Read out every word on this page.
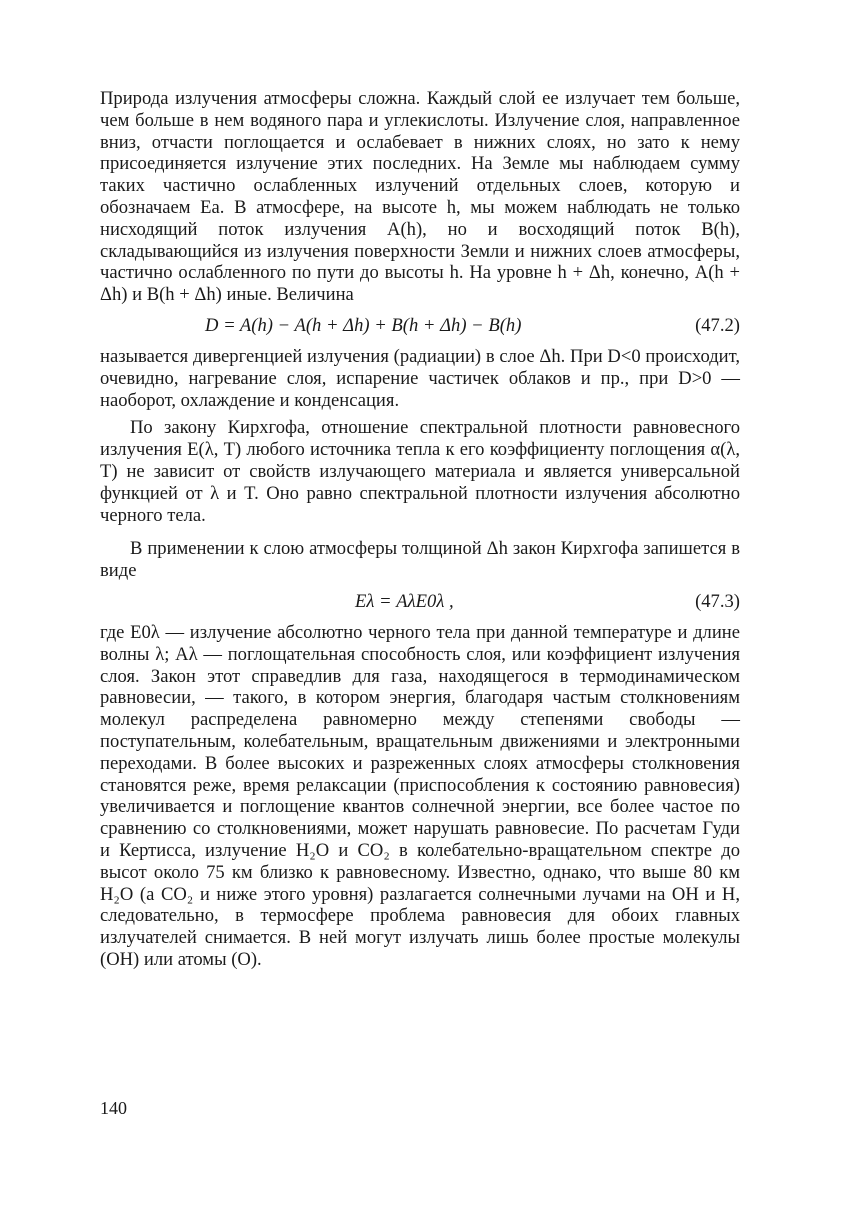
Природа излучения атмосферы сложна. Каждый слой ее излучает тем больше, чем больше в нем водяного пара и углекислоты. Излучение слоя, направленное вниз, отчасти поглощается и ослабевает в нижних слоях, но зато к нему присоединяется излучение этих последних. На Земле мы наблюдаем сумму таких частично ослабленных излучений отдельных слоев, которую и обозначаем Eа. В атмосфере, на высоте h, мы можем наблюдать не только нисходящий поток излучения A(h), но и восходящий поток B(h), складывающийся из излучения поверхности Земли и нижних слоев атмосферы, частично ослабленного по пути до высоты h. На уровне h + Δh, конечно, A(h + Δh) и B(h + Δh) иные. Величина

D = A(h) − A(h + Δh) + B(h + Δh) − B(h)	(47.2)

называется дивергенцией излучения (радиации) в слое Δh. При D<0 происходит, очевидно, нагревание слоя, испарение частичек облаков и пр., при D>0 — наоборот, охлаждение и конденсация.

По закону Кирхгофа, отношение спектральной плотности равновесного излучения E(λ, T) любого источника тепла к его коэффициенту поглощения α(λ, T) не зависит от свойств излучающего материала и является универсальной функцией от λ и T. Оно равно спектральной плотности излучения абсолютно черного тела.

В применении к слою атмосферы толщиной Δh закон Кирхгофа запишется в виде

Eλ = AλE0λ ,	(47.3)

где E0λ — излучение абсолютно черного тела при данной температуре и длине волны λ; Aλ — поглощательная способность слоя, или коэффициент излучения слоя. Закон этот справедлив для газа, находящегося в термодинамическом равновесии, — такого, в котором энергия, благодаря частым столкновениям молекул распределена равномерно между степенями свободы — поступательным, колебательным, вращательным движениями и электронными переходами. В более высоких и разреженных слоях атмосферы столкновения становятся реже, время релаксации (приспособления к состоянию равновесия) увеличивается и поглощение квантов солнечной энергии, все более частое по сравнению со столкновениями, может нарушать равновесие. По расчетам Гуди и Кертисса, излучение H₂O и CO₂ в колебательно-вращательном спектре до высот около 75 км близко к равновесному. Известно, однако, что выше 80 км H₂O (а CO₂ и ниже этого уровня) разлагается солнечными лучами на OH и H, следовательно, в термосфере проблема равновесия для обоих главных излучателей снимается. В ней могут излучать лишь более простые молекулы (OH) или атомы (O).

140
